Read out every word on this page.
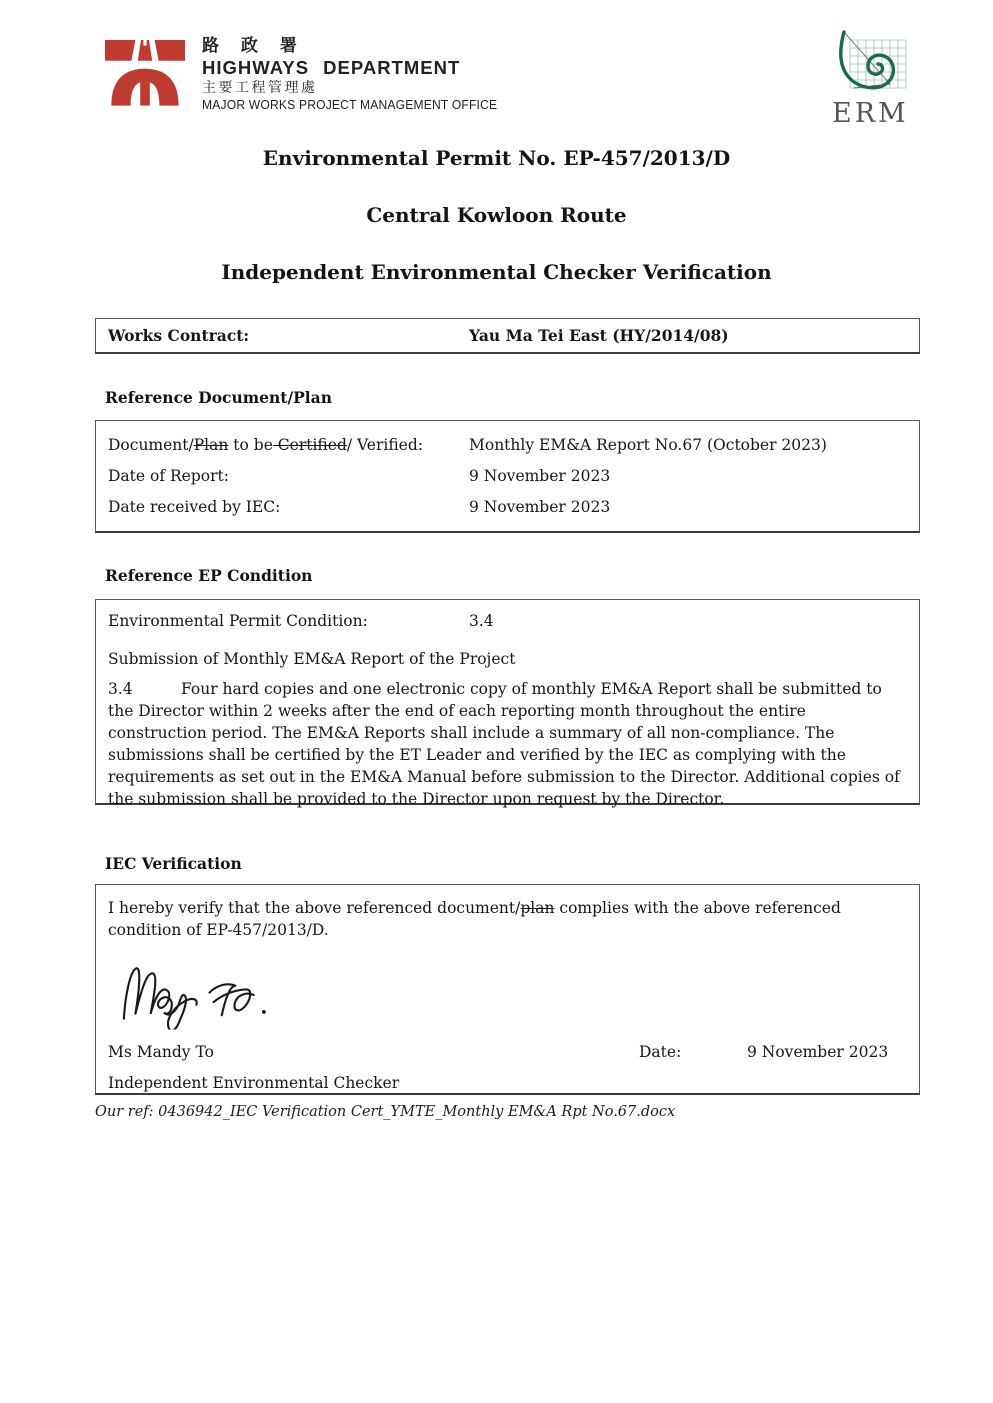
路 政 署
HIGHWAYS DEPARTMENT
主要工程管理處
MAJOR WORKS PROJECT MANAGEMENT OFFICE	ERM
Environmental Permit No. EP-457/2013/D
Central Kowloon Route
Independent Environmental Checker Verification
Works Contract:	Yau Ma Tei East (HY/2014/08)
Reference Document/Plan
Document/Plan to be Certified/ Verified:	Monthly EM&A Report No.67 (October 2023)
Date of Report:	9 November 2023
Date received by IEC:	9 November 2023
Reference EP Condition
Environmental Permit Condition:	3.4
Submission of Monthly EM&A Report of the Project

3.4	Four hard copies and one electronic copy of monthly EM&A Report shall be submitted to the Director within 2 weeks after the end of each reporting month throughout the entire construction period. The EM&A Reports shall include a summary of all non-compliance. The submissions shall be certified by the ET Leader and verified by the IEC as complying with the requirements as set out in the EM&A Manual before submission to the Director. Additional copies of the submission shall be provided to the Director upon request by the Director.

IEC Verification

I hereby verify that the above referenced document/plan complies with the above referenced condition of EP-457/2013/D.

Ms Mandy To	Date:	9 November 2023
Independent Environmental Checker
Our ref: 0436942_IEC Verification Cert_YMTE_Monthly EM&A Rpt No.67.docx
